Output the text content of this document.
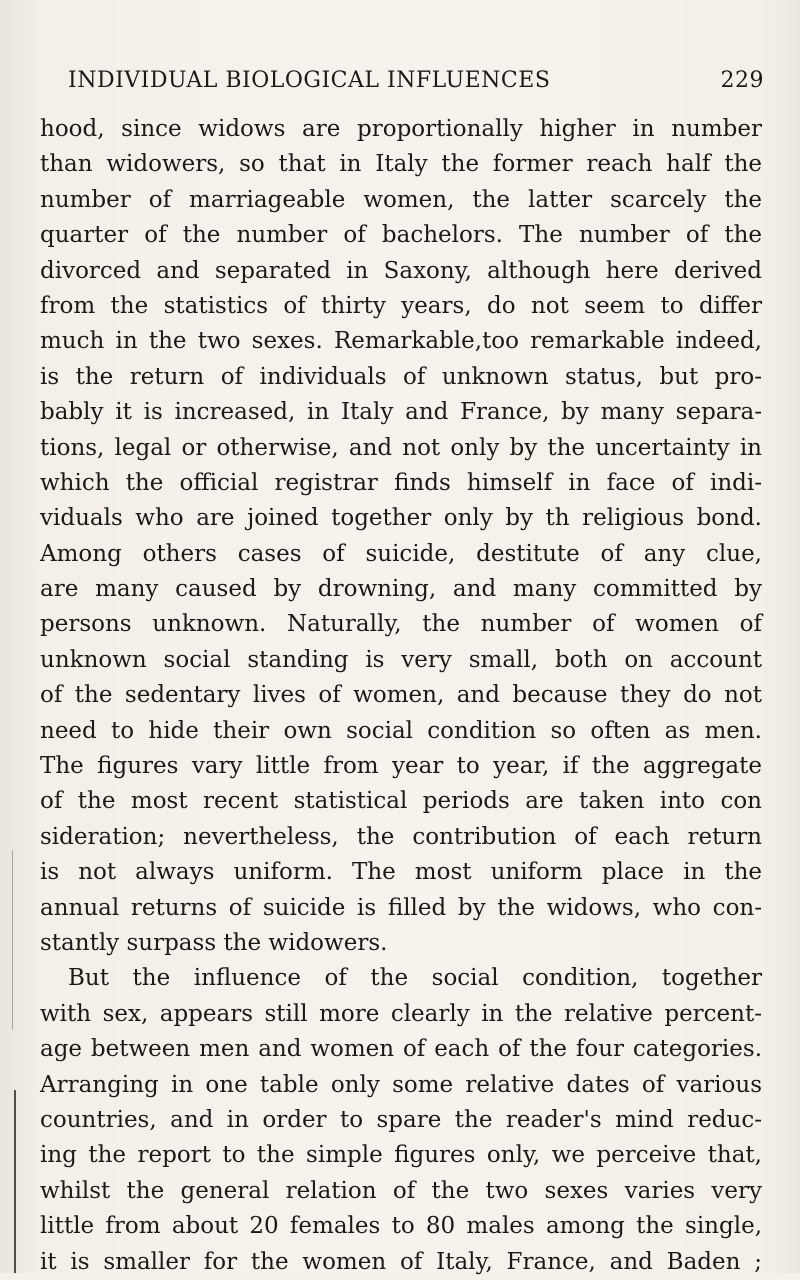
INDIVIDUAL BIOLOGICAL INFLUENCES	229
hood, since widows are proportionally higher in number
than widowers, so that in Italy the former reach half the
number of marriageable women, the latter scarcely the
quarter of the number of bachelors. The number of the
divorced and separated in Saxony, although here derived
from the statistics of thirty years, do not seem to differ
much in the two sexes. Remarkable,too remarkable indeed,
is the return of individuals of unknown status, but pro-
bably it is increased, in Italy and France, by many separa-
tions, legal or otherwise, and not only by the uncertainty in
which the official registrar finds himself in face of indi-
viduals who are joined together only by th religious bond.
Among others cases of suicide, destitute of any clue,
are many caused by drowning, and many committed by
persons unknown. Naturally, the number of women of
unknown social standing is very small, both on account
of the sedentary lives of women, and because they do not
need to hide their own social condition so often as men.
The figures vary little from year to year, if the aggregate
of the most recent statistical periods are taken into con
sideration; nevertheless, the contribution of each return
is not always uniform. The most uniform place in the
annual returns of suicide is filled by the widows, who con-
stantly surpass the widowers.
But the influence of the social condition, together
with sex, appears still more clearly in the relative percent-
age between men and women of each of the four categories.
Arranging in one table only some relative dates of various
countries, and in order to spare the reader's mind reduc-
ing the report to the simple figures only, we perceive that,
whilst the general relation of the two sexes varies very
little from about 20 females to 80 males among the single,
it is smaller for the women of Italy, France, and Baden ;
